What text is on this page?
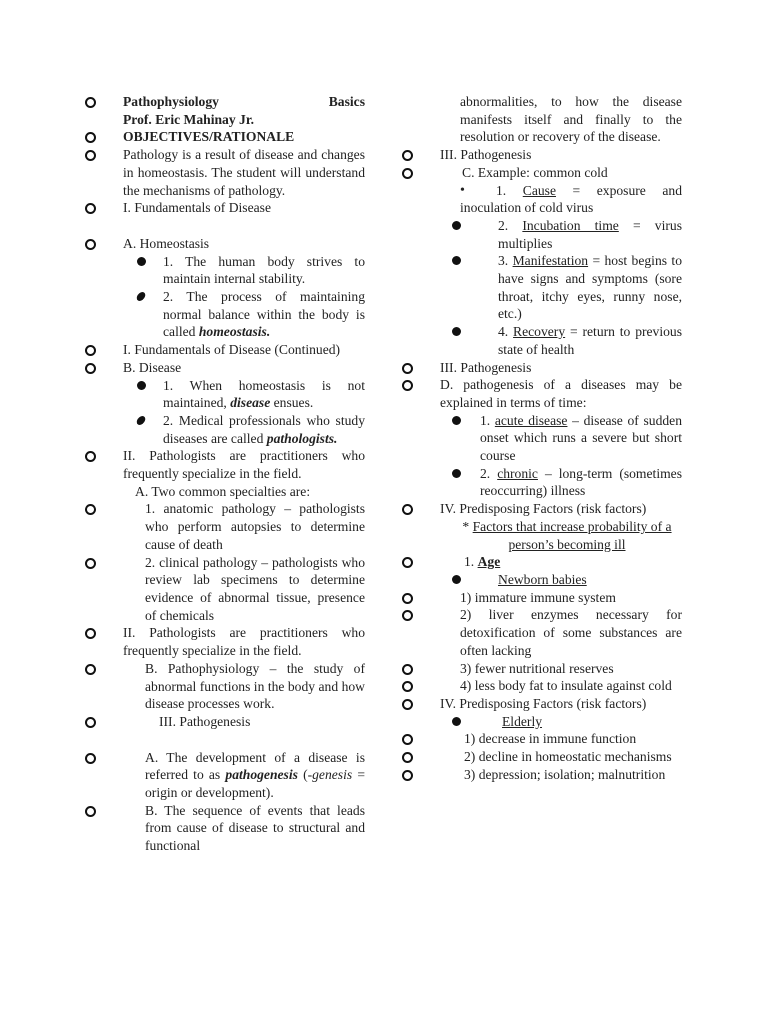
Pathophysiology	Basics
Prof. Eric Mahinay Jr.
OBJECTIVES/RATIONALE
Pathology is a result of disease and changes in homeostasis. The student will understand the mechanisms of pathology.
I. Fundamentals of Disease
A. Homeostasis
1. The human body strives to maintain internal stability.
2. The process of maintaining normal balance within the body is called homeostasis.
I. Fundamentals of Disease (Continued)
B. Disease
1. When homeostasis is not maintained, disease ensues.
2. Medical professionals who study diseases are called pathologists.
II. Pathologists are practitioners who frequently specialize in the field.
A. Two common specialties are:
1. anatomic pathology – pathologists who perform autopsies to determine cause of death
2. clinical pathology – pathologists who review lab specimens to determine evidence of abnormal tissue, presence of chemicals
II. Pathologists are practitioners who frequently specialize in the field.
B. Pathophysiology – the study of abnormal functions in the body and how disease processes work.
III. Pathogenesis
A. The development of a disease is referred to as pathogenesis (-genesis = origin or development).
B. The sequence of events that leads from cause of disease to structural and functional
abnormalities, to how the disease manifests itself and finally to the resolution or recovery of the disease.
III. Pathogenesis
C. Example: common cold
•
1. Cause = exposure and inoculation of cold virus
2. Incubation time = virus multiplies
3. Manifestation = host begins to have signs and symptoms (sore throat, itchy eyes, runny nose, etc.)
4. Recovery = return to previous state of health
III. Pathogenesis
D. pathogenesis of a diseases may be explained in terms of time:
1. acute disease – disease of sudden onset which runs a severe but short course
2. chronic – long-term (sometimes reoccurring) illness
IV. Predisposing Factors (risk factors)
* Factors that increase probability of a person’s becoming ill
1. Age
Newborn babies
1) immature immune system
2) liver enzymes necessary for detoxification of some substances are often lacking
3) fewer nutritional reserves
4) less body fat to insulate against cold
IV. Predisposing Factors (risk factors)
Elderly
1) decrease in immune function
2) decline in homeostatic mechanisms
3) depression; isolation; malnutrition
